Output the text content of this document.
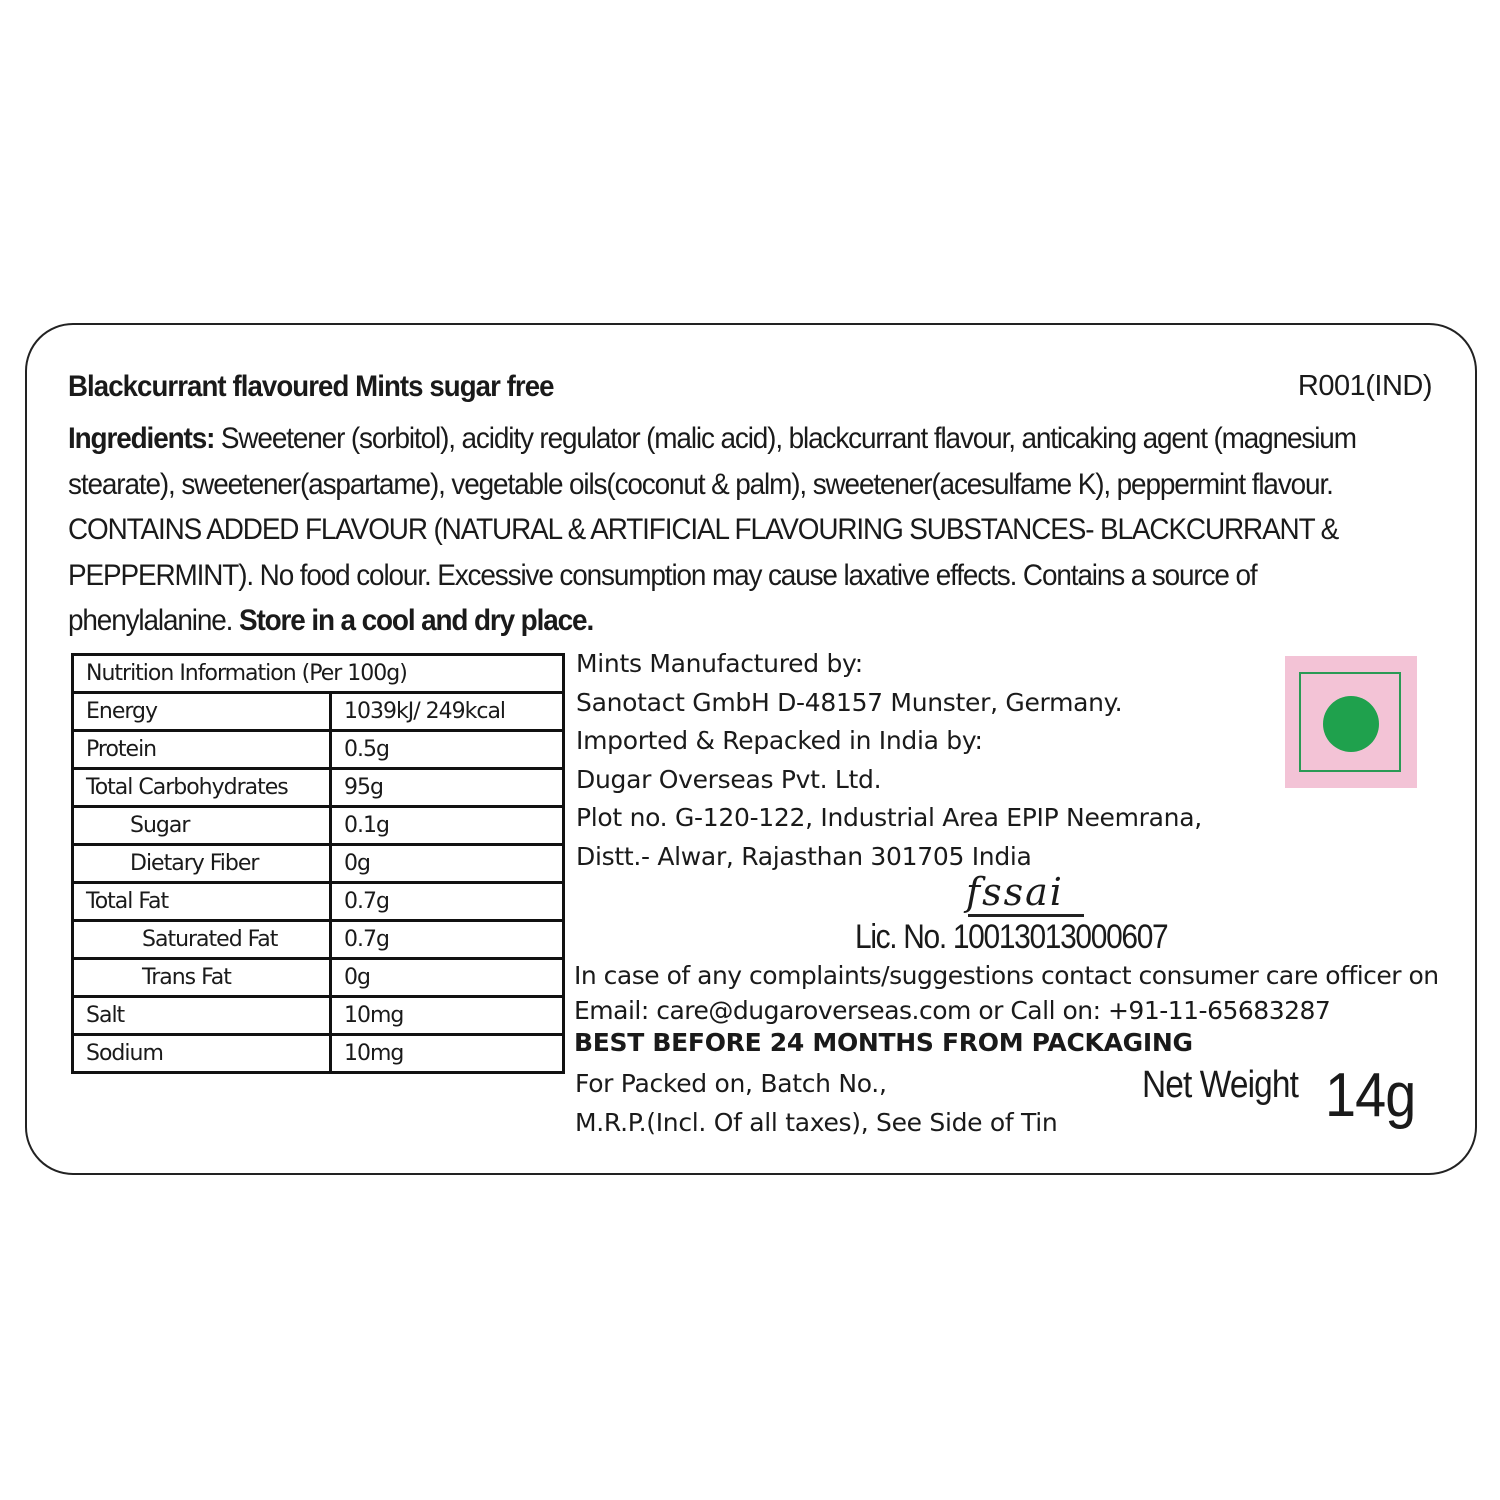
Blackcurrant flavoured Mints sugar free	R001(IND)
Ingredients: Sweetener (sorbitol), acidity regulator (malic acid), blackcurrant flavour, anticaking agent (magnesium stearate), sweetener(aspartame), vegetable oils(coconut & palm), sweetener(acesulfame K), peppermint flavour. CONTAINS ADDED FLAVOUR (NATURAL & ARTIFICIAL FLAVOURING SUBSTANCES- BLACKCURRANT & PEPPERMINT). No food colour. Excessive consumption may cause laxative effects. Contains a source of phenylalanine. Store in a cool and dry place.
Nutrition Information (Per 100g)	
Energy	1039kJ/ 249kcal
Protein	0.5g
Total Carbohydrates	95g
Sugar	0.1g
Dietary Fiber	0g
Total Fat	0.7g
Saturated Fat	0.7g
Trans Fat	0g
Salt	10mg
Sodium	10mg
Mints Manufactured by:
Sanotact GmbH D-48157 Munster, Germany.
Imported & Repacked in India by:
Dugar Overseas Pvt. Ltd.
Plot no. G-120-122, Industrial Area EPIP Neemrana,
Distt.- Alwar, Rajasthan 301705 India
fssai
Lic. No. 10013013000607
In case of any complaints/suggestions contact consumer care officer on
Email: care@dugaroverseas.com or Call on: +91-11-65683287
BEST BEFORE 24 MONTHS FROM PACKAGING
For Packed on, Batch No.,
M.R.P.(Incl. Of all taxes), See Side of Tin
Net Weight 14g
